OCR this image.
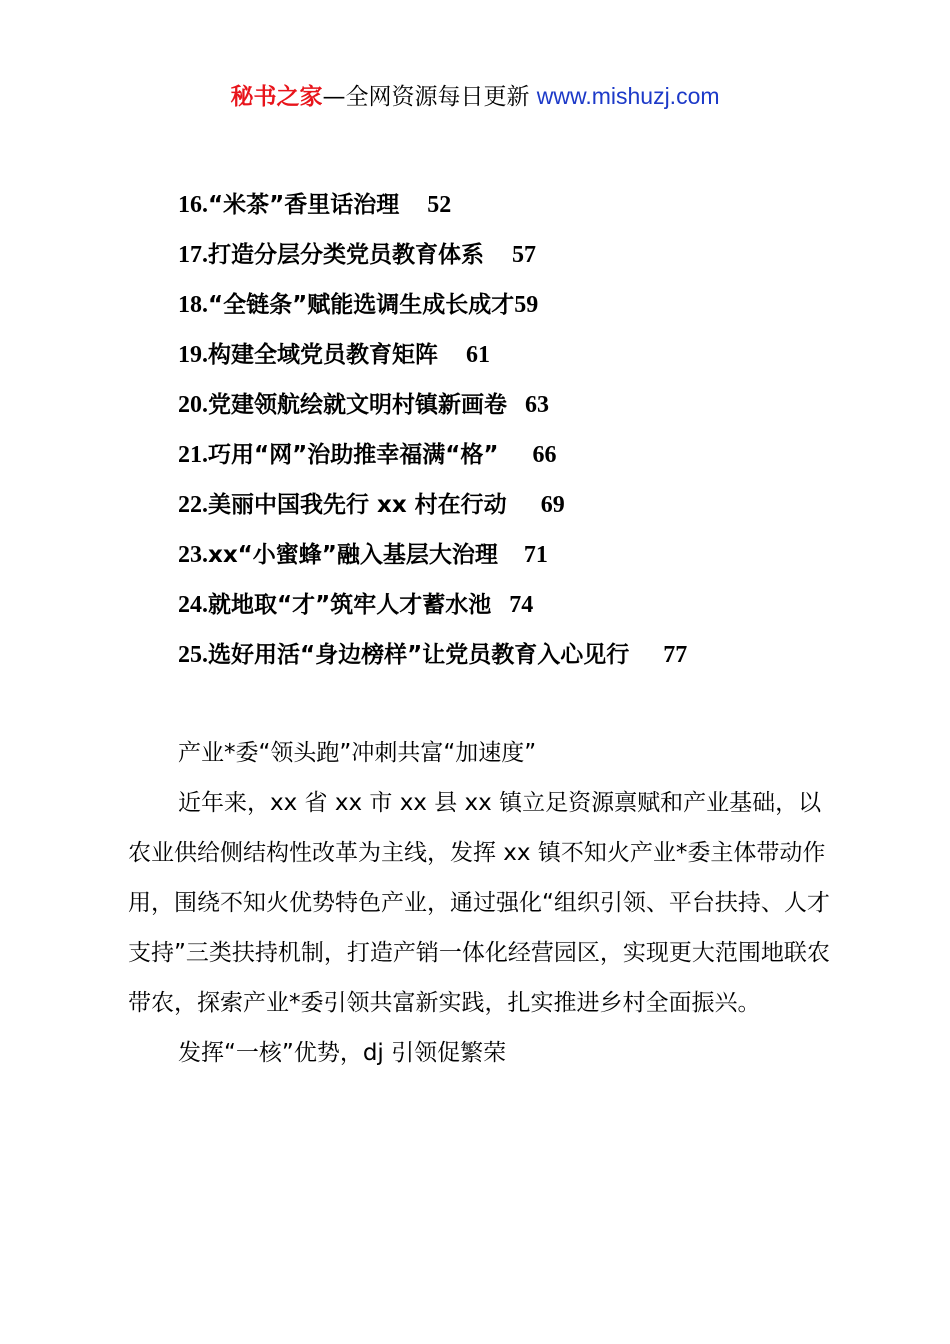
秘书之家—全网资源每日更新 www.mishuzj.com
16. “米茶”香里话治理 52
17. 打造分层分类党员教育体系 57
18. “全链条”赋能选调生成长成才 59
19. 构建全域党员教育矩阵 61
20. 党建领航绘就文明村镇新画卷 63
21. 巧用“网”治助推幸福满“格” 66
22. 美丽中国我先行 xx 村在行动 69
23. xx“小蜜蜂”融入基层大治理 71
24. 就地取“才”筑牢人才蓄水池 74
25. 选好用活“身边榜样”让党员教育入心见行 77

产业*委“领头跑”冲刺共富“加速度”

近年来，xx 省 xx 市 xx 县 xx 镇立足资源禀赋和产业基础，以农业供给侧结构性改革为主线，发挥 xx 镇不知火产业*委主体带动作用，围绕不知火优势特色产业，通过强化“组织引领、平台扶持、人才支持”三类扶持机制，打造产销一体化经营园区，实现更大范围地联农带农，探索产业*委引领共富新实践，扎实推进乡村全面振兴。

发挥“一核”优势，dj 引领促繁荣
